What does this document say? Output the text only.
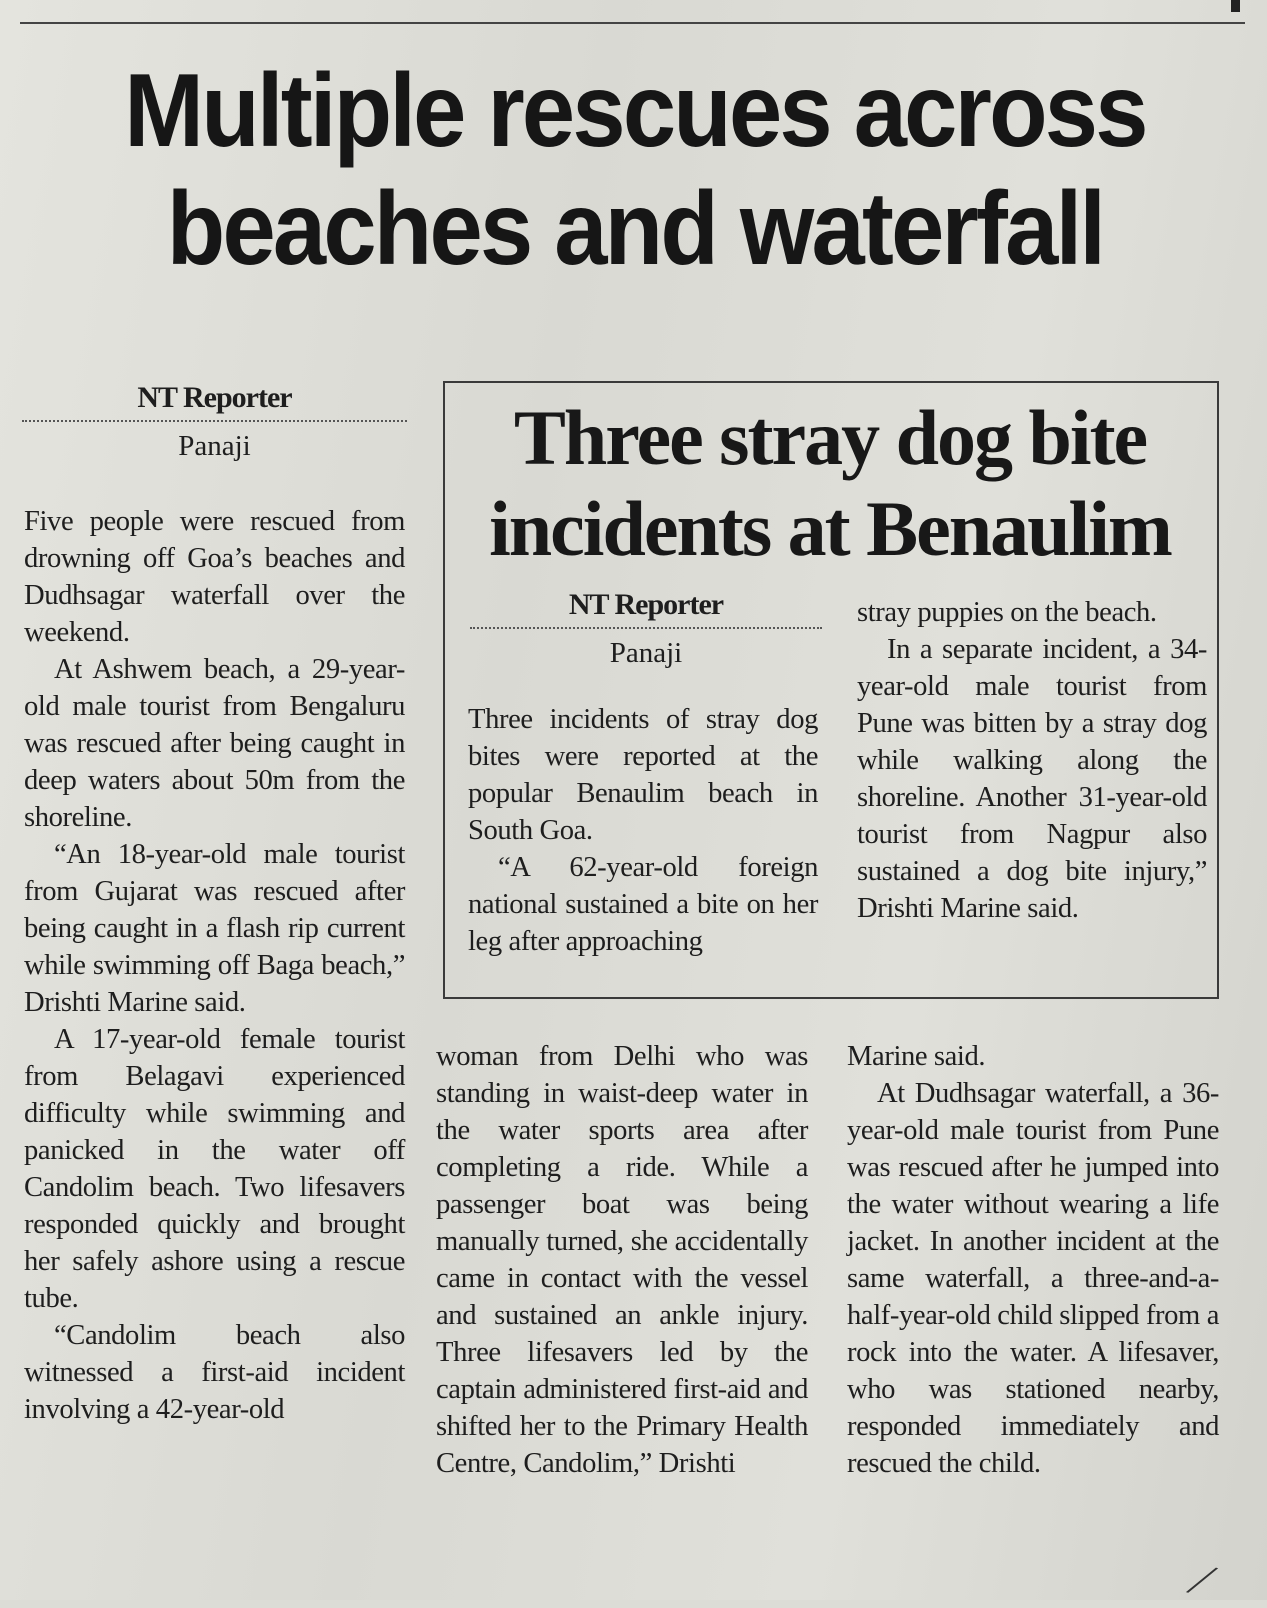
Multiple rescues across beaches and waterfall
NT Reporter
Panaji

Five people were rescued from drowning off Goa’s beaches and Dudhsagar waterfall over the weekend.

At Ashwem beach, a 29-year-old male tourist from Bengaluru was rescued after being caught in deep waters about 50m from the shoreline.

“An 18-year-old male tourist from Gujarat was rescued after being caught in a flash rip current while swimming off Baga beach,” Drishti Marine said.

A 17-year-old female tourist from Belagavi experienced difficulty while swimming and panicked in the water off Candolim beach. Two lifesavers responded quickly and brought her safely ashore using a rescue tube.

“Candolim beach also witnessed a first-aid incident involving a 42-year-old

Three stray dog bite incidents at Benaulim
NT Reporter
Panaji

Three incidents of stray dog bites were reported at the popular Benaulim beach in South Goa.

“A 62-year-old foreign national sustained a bite on her leg after approaching

stray puppies on the beach.

In a separate incident, a 34-year-old male tourist from Pune was bitten by a stray dog while walking along the shoreline. Another 31-year-old tourist from Nagpur also sustained a dog bite injury,” Drishti Marine said.

woman from Delhi who was standing in waist-deep water in the water sports area after completing a ride. While a passenger boat was being manually turned, she accidentally came in contact with the vessel and sustained an ankle injury. Three lifesavers led by the captain administered first-aid and shifted her to the Primary Health Centre, Candolim,” Drishti

Marine said.

At Dudhsagar waterfall, a 36-year-old male tourist from Pune was rescued after he jumped into the water without wearing a life jacket. In another incident at the same waterfall, a three-and-a-half-year-old child slipped from a rock into the water. A lifesaver, who was stationed nearby, responded immediately and rescued the child.

⁄
